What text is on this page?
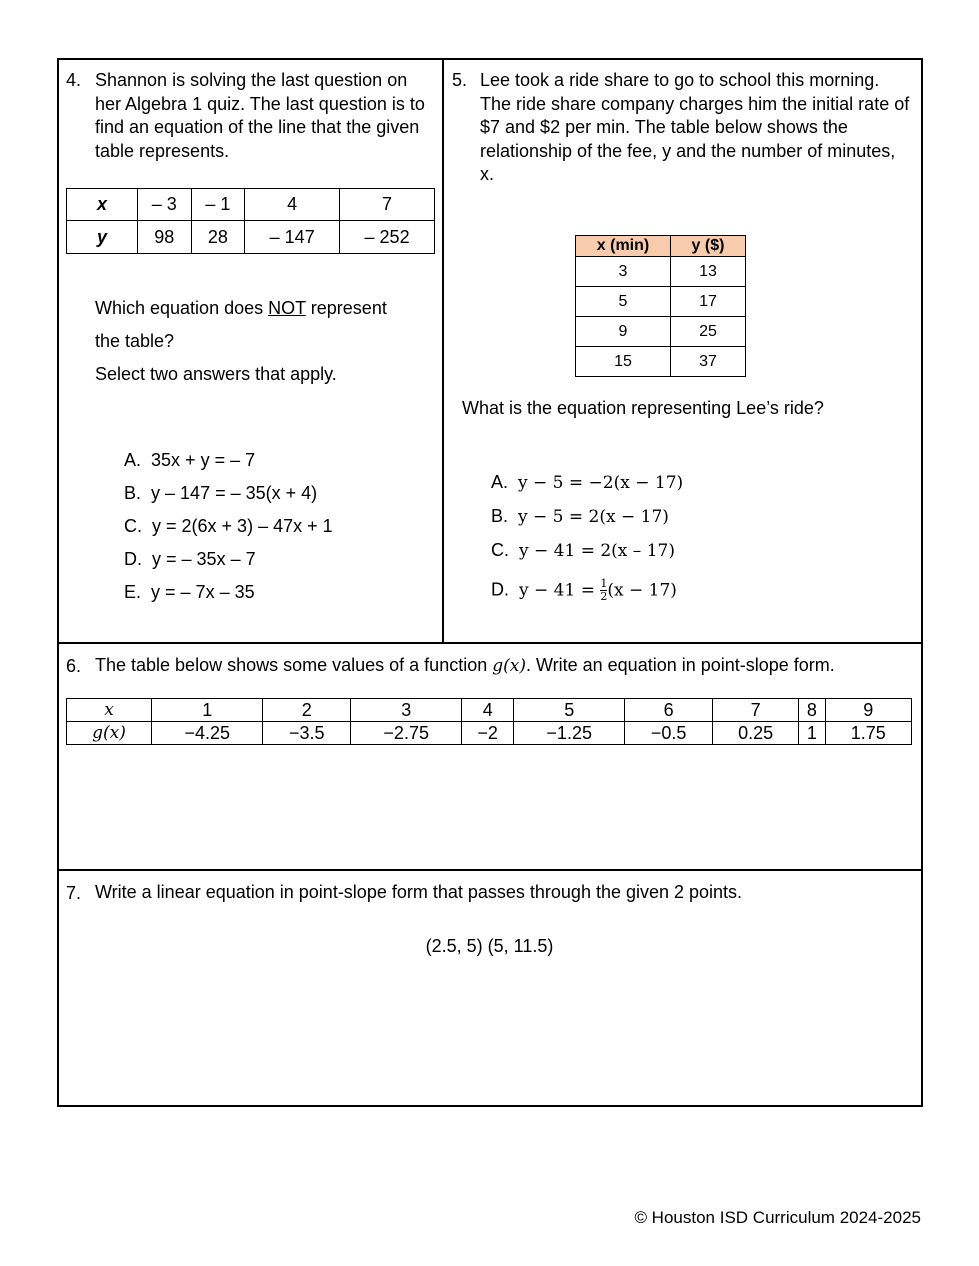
4. Shannon is solving the last question on her Algebra 1 quiz. The last question is to find an equation of the line that the given table represents.
x	– 3	– 1	4	7
y	98	28	– 147	– 252
Which equation does NOT represent
the table?
Select two answers that apply.
A. 35x + y = – 7
B. y – 147 = – 35(x + 4)
C. y = 2(6x + 3) – 47x + 1
D. y = – 35x – 7
E. y = – 7x – 35
5. Lee took a ride share to go to school this morning. The ride share company charges him the initial rate of $7 and $2 per min. The table below shows the relationship of the fee, y and the number of minutes, x.
x (min)	y ($)
3	13
5	17
9	25
15	37
What is the equation representing Lee’s ride?
A. y − 5 = −2(x − 17)
B. y − 5 = 2(x − 17)
C. y − 41 = 2(x – 17)
D. $y - 41 = \frac{1}{2} (x - 17)$
6. The table below shows some values of a function g(x). Write an equation in point-slope form.
x	1	2	3	4	5	6	7	8	9
g(x)	−4.25	−3.5	−2.75	−2	−1.25	−0.5	0.25	1	1.75
7. Write a linear equation in point-slope form that passes through the given 2 points.
(2.5, 5) (5, 11.5)
© Houston ISD Curriculum 2024-2025
